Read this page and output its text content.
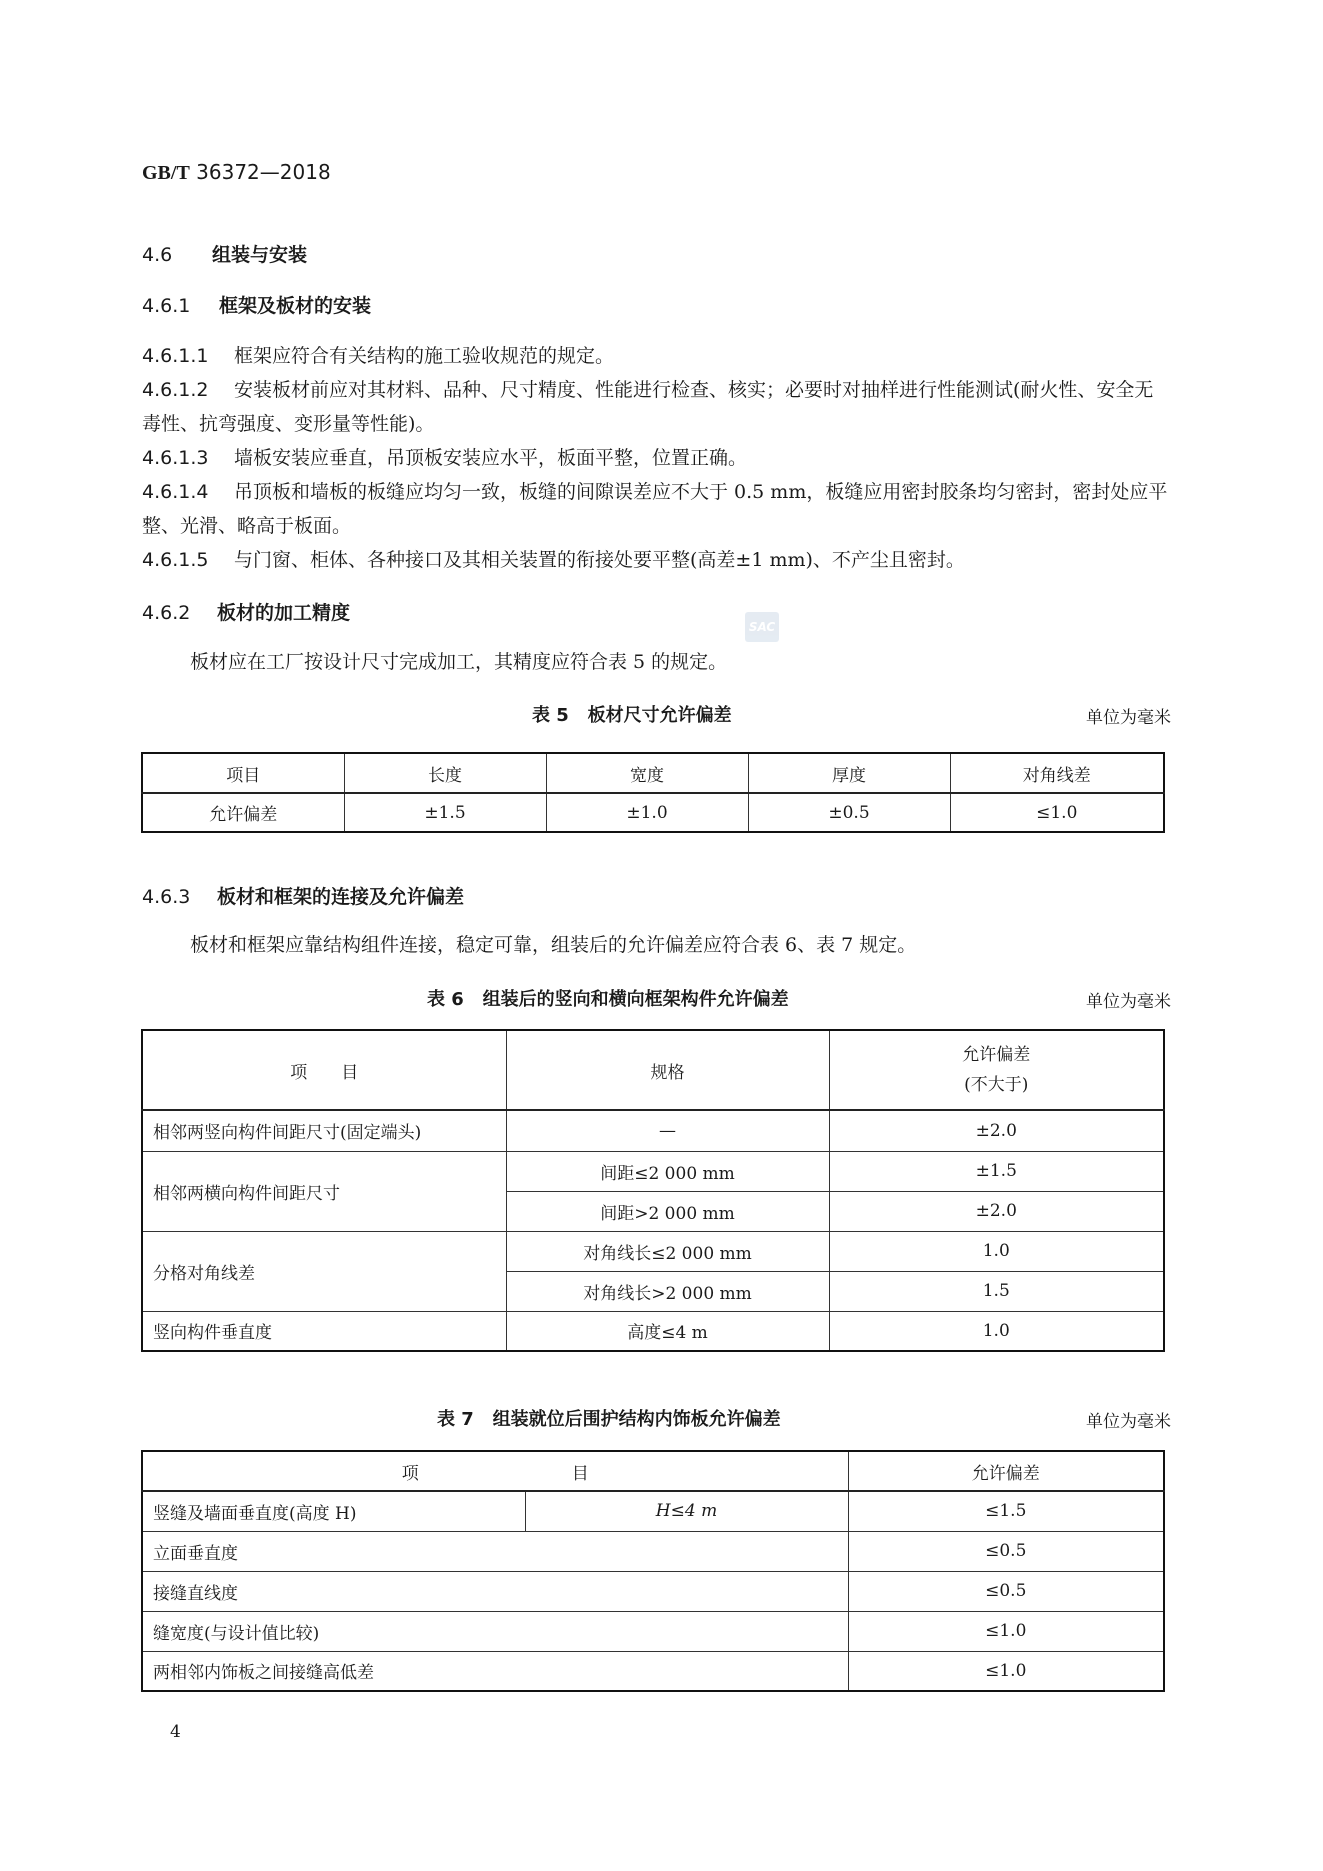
GB/T 36372—2018
4.6 组装与安装
4.6.1 框架及板材的安装
4.6.1.1 框架应符合有关结构的施工验收规范的规定。
4.6.1.2 安装板材前应对其材料、品种、尺寸精度、性能进行检查、核实；必要时对抽样进行性能测试(耐火性、安全无毒性、抗弯强度、变形量等性能)。
4.6.1.3 墙板安装应垂直，吊顶板安装应水平，板面平整，位置正确。
4.6.1.4 吊顶板和墙板的板缝应均匀一致，板缝的间隙误差应不大于 0.5 mm，板缝应用密封胶条均匀密封，密封处应平整、光滑、略高于板面。
4.6.1.5 与门窗、柜体、各种接口及其相关装置的衔接处要平整(高差±1 mm)、不产尘且密封。
4.6.2 板材的加工精度
SAC
板材应在工厂按设计尺寸完成加工，其精度应符合表 5 的规定。
表 5 板材尺寸允许偏差	单位为毫米
项目	长度	宽度	厚度	对角线差
允许偏差	±1.5	±1.0	±0.5	≤1.0
4.6.3 板材和框架的连接及允许偏差
板材和框架应靠结构组件连接，稳定可靠，组装后的允许偏差应符合表 6、表 7 规定。
表 6 组装后的竖向和横向框架构件允许偏差	单位为毫米
项　　目	规格	允许偏差
(不大于)

相邻两竖向构件间距尺寸(固定端头)	—	±2.0
相邻两横向构件间距尺寸	间距≤2 000 mm	±1.5
	间距>2 000 mm	±2.0
分格对角线差	对角线长≤2 000 mm	1.0
	对角线长>2 000 mm	1.5
竖向构件垂直度	高度≤4 m	1.0
表 7 组装就位后围护结构内饰板允许偏差	单位为毫米
项　　　　　　　　　目		允许偏差
竖缝及墙面垂直度(高度 H)	H≤4 m	≤1.5
立面垂直度		≤0.5
接缝直线度		≤0.5
缝宽度(与设计值比较)		≤1.0
两相邻内饰板之间接缝高低差		≤1.0
4
